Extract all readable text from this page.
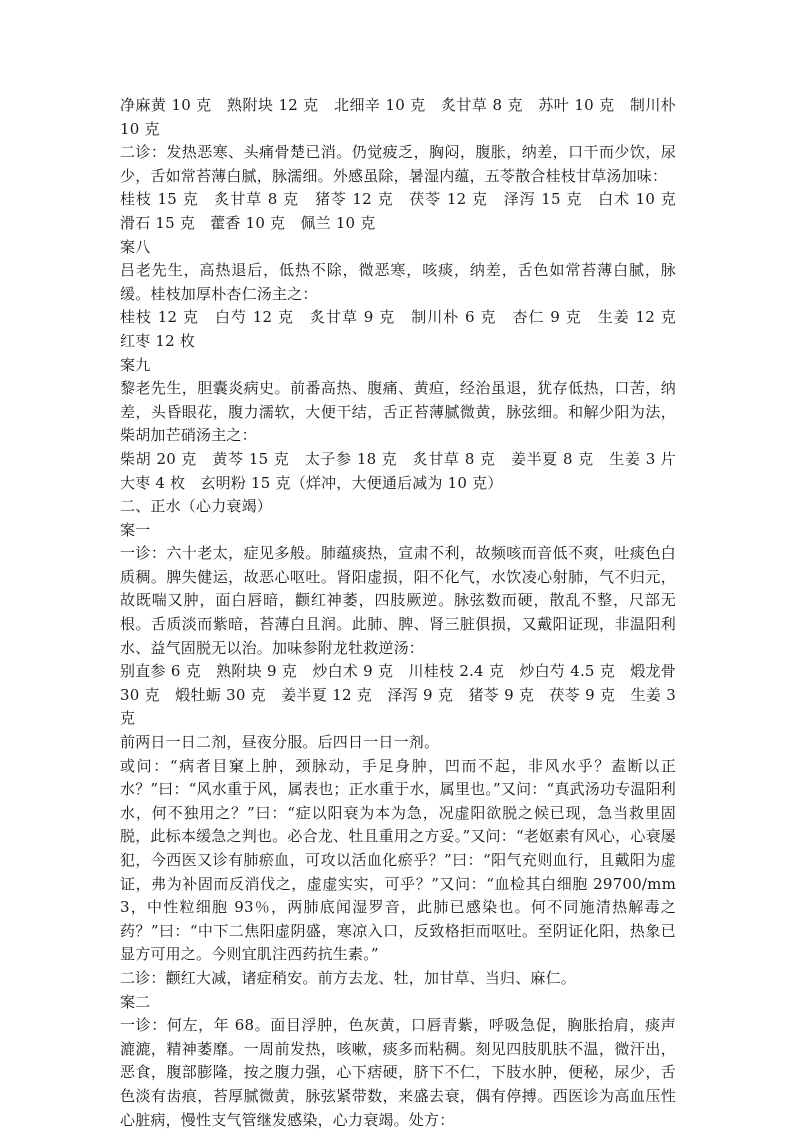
净麻黄 10 克　熟附块 12 克　北细辛 10 克　炙甘草 8 克　苏叶 10 克　制川朴 10 克

二诊：发热恶寒、头痛骨楚已消。仍觉疲乏，胸闷，腹胀，纳差，口干而少饮，尿少，舌如常苔薄白腻，脉濡细。外感虽除，暑湿内蕴，五苓散合桂枝甘草汤加味：

桂枝 15 克　炙甘草 8 克　猪苓 12 克　茯苓 12 克　泽泻 15 克　白术 10 克　滑石 15 克　藿香 10 克　佩兰 10 克

案八

吕老先生，高热退后，低热不除，微恶寒，咳痰，纳差，舌色如常苔薄白腻，脉缓。桂枝加厚朴杏仁汤主之：

桂枝 12 克　白芍 12 克　炙甘草 9 克　制川朴 6 克　杏仁 9 克　生姜 12 克　红枣 12 枚

案九

黎老先生，胆囊炎病史。前番高热、腹痛、黄疸，经治虽退，犹存低热，口苦，纳差，头昏眼花，腹力濡软，大便干结，舌正苔薄腻微黄，脉弦细。和解少阳为法，柴胡加芒硝汤主之：

柴胡 20 克　黄芩 15 克　太子参 18 克　炙甘草 8 克　姜半夏 8 克　生姜 3 片　大枣 4 枚　玄明粉 15 克（烊冲，大便通后减为 10 克）

二、正水（心力衰竭）

案一

一诊：六十老太，症见多般。肺蕴痰热，宣肃不利，故频咳而音低不爽，吐痰色白质稠。脾失健运，故恶心呕吐。肾阳虚损，阳不化气，水饮凌心射肺，气不归元，故既喘又肿，面白唇暗，颧红神萎，四肢厥逆。脉弦数而硬，散乱不整，尺部无根。舌质淡而紫暗，苔薄白且润。此肺、脾、肾三脏俱损，又戴阳证现，非温阳利水、益气固脱无以治。加味参附龙牡救逆汤：

别直参 6 克　熟附块 9 克　炒白术 9 克　川桂枝 2.4 克　炒白芍 4.5 克　煅龙骨 30 克　煅牡蛎 30 克　姜半夏 12 克　泽泻 9 克　猪苓 9 克　茯苓 9 克　生姜 3 克

前两日一日二剂，昼夜分服。后四日一日一剂。

或问：“病者目窠上肿，颈脉动，手足身肿，凹而不起，非风水乎？盍断以正水？”曰：“风水重于风，属表也；正水重于水，属里也。”又问：“真武汤功专温阳利水，何不独用之？”曰：“症以阳衰为本为急，况虚阳欲脱之候已现，急当救里固脱，此标本缓急之判也。必合龙、牡且重用之方妥。”又问：“老妪素有风心，心衰屡犯，今西医又诊有肺瘀血，可攻以活血化瘀乎？”曰：“阳气充则血行，且戴阳为虚证，弗为补固而反消伐之，虚虚实实，可乎？”又问：“血检其白细胞 29700/mm3，中性粒细胞 93％，两肺底闻湿罗音，此肺已感染也。何不同施清热解毒之药？”曰：“中下二焦阳虚阴盛，寒凉入口，反致格拒而呕吐。至阴证化阳，热象已显方可用之。今则宜肌注西药抗生素。”

二诊：颧红大减，诸症稍安。前方去龙、牡，加甘草、当归、麻仁。

案二

一诊：何左，年 68。面目浮肿，色灰黄，口唇青紫，呼吸急促，胸胀抬肩，痰声漉漉，精神萎靡。一周前发热，咳嗽，痰多而粘稠。刻见四肢肌肤不温，微汗出，恶食，腹部膨隆，按之腹力强，心下痞硬，脐下不仁，下肢水肿，便秘，尿少，舌色淡有齿痕，苔厚腻微黄，脉弦紧带数，来盛去衰，偶有停搏。西医诊为高血压性心脏病，慢性支气管继发感染，心力衰竭。处方：
